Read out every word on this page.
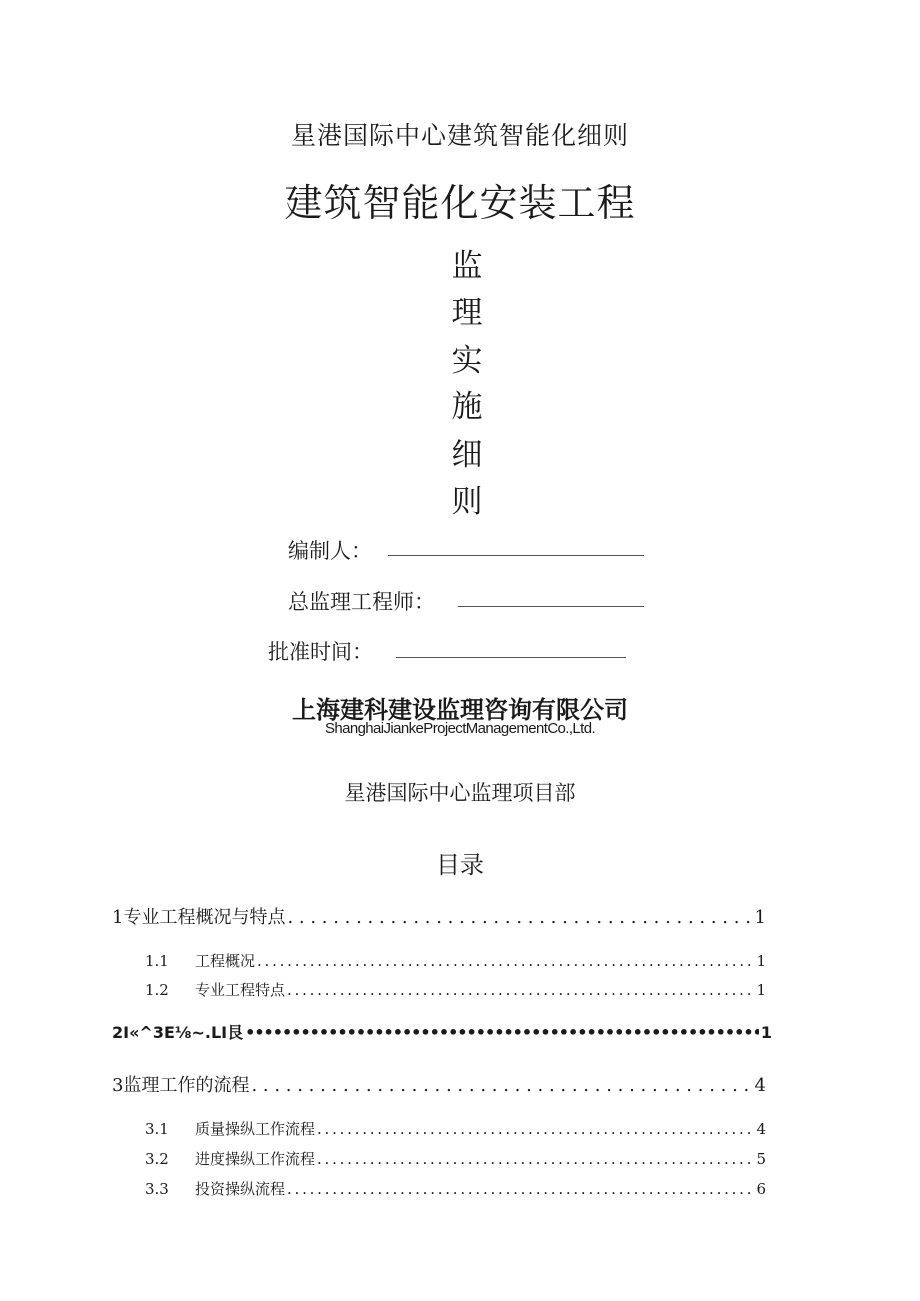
星港国际中心建筑智能化细则
建筑智能化安装工程
监
理
实
施
细
则
编制人：
总监理工程师：
批准时间：
上海建科建设监理咨询有限公司
ShanghaiJiankeProjectManagementCo.,Ltd.
星港国际中心监理项目部
目录
1专业工程概况与特点 . . .	1
1.1	工程概况 . . .	1
1.2	专业工程特点 . . .	1
2I«^3E⅛~.LI艮 •••••	1
3监理工作的流程 . . .	4
3.1	质量操纵工作流程 . . .	4
3.2	进度操纵工作流程 . . .	5
3.3	投资操纵流程 . . .	6
